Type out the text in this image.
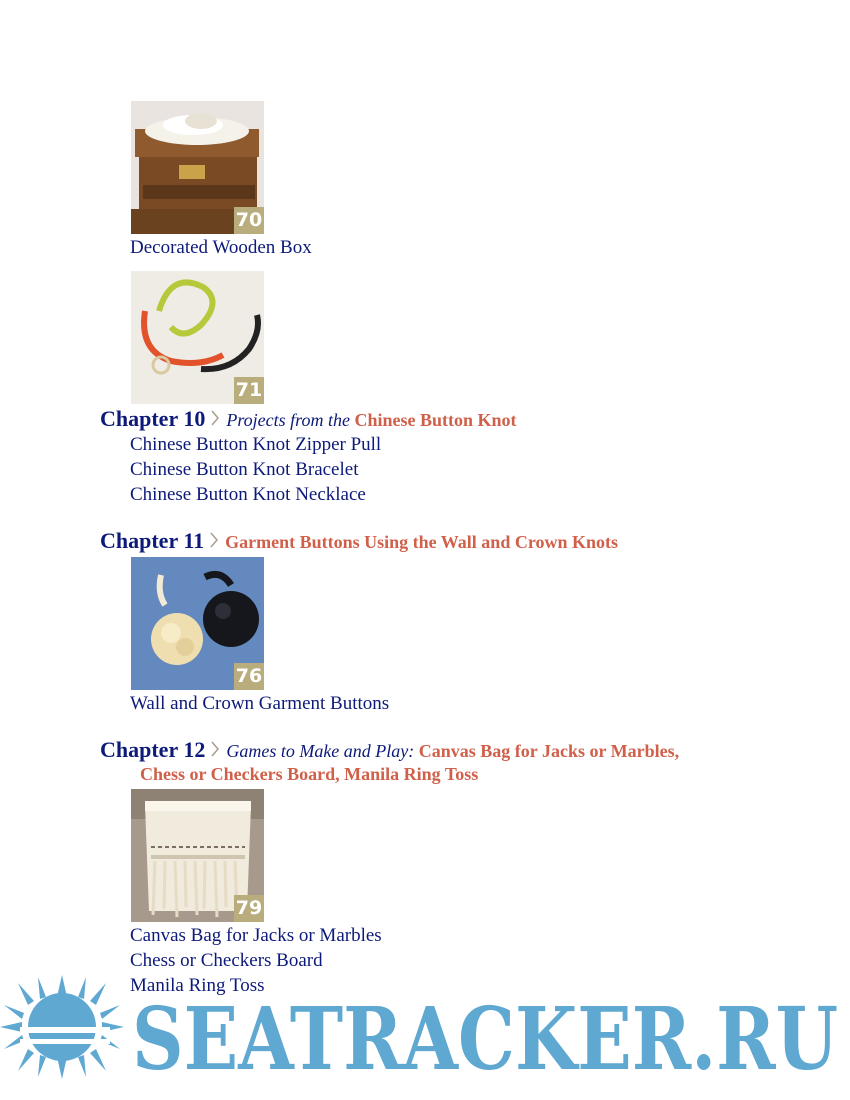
70
Decorated Wooden Box
71
Chapter 10 Projects from the Chinese Button Knot
Chinese Button Knot Zipper Pull
Chinese Button Knot Bracelet
Chinese Button Knot Necklace
Chapter 11 Garment Buttons Using the Wall and Crown Knots
76
Wall and Crown Garment Buttons
Chapter 12 Games to Make and Play: Canvas Bag for Jacks or Marbles,
Chess or Checkers Board, Manila Ring Toss
79
Canvas Bag for Jacks or Marbles
Chess or Checkers Board
Manila Ring Toss
SEATRACKER.RU
